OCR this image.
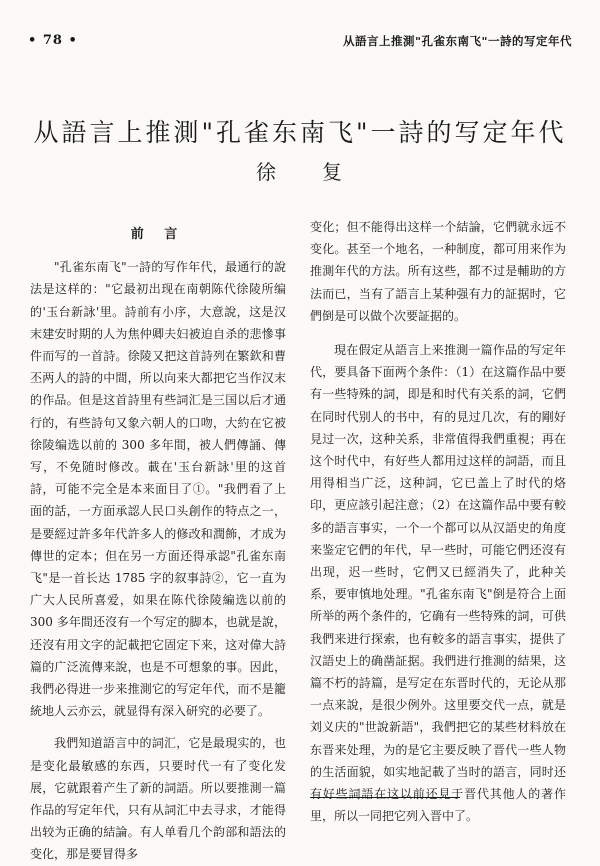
• 78 •	从語言上推測"孔雀东南飞"一詩的写定年代
从語言上推測"孔雀东南飞"一詩的写定年代
徐 复
前 言

"孔雀东南飞"一詩的写作年代，最通行的說法是这样的："它最初出现在南朝陈代徐陵所编的'玉台新詠'里。詩前有小序，大意說，这是汉末建安时期的人为焦仲卿夫妇被迫自杀的悲慘事件而写的一首詩。徐陵又把这首詩列在繁欽和曹丕两人的詩的中間，所以向来大都把它当作汉末的作品。但是这首詩里有些詞汇是三国以后才通行的，有些詩句又象六朝人的口吻，大約在它被徐陵编选以前的 300 多年間，被人們傳誦、傳写，不免随时修改。載在'玉台新詠'里的这首詩，可能不完全是本来面目了①。"我們看了上面的話，一方面承認人民口头創作的特点之一，是要經过許多年代許多人的修改和潤飾，才成为傳世的定本；但在另一方面还得承認"孔雀东南飞"是一首长达 1785 字的叙事詩②，它一直为广大人民所喜爱，如果在陈代徐陵編选以前的 300 多年間还沒有一个写定的脚本，也就是說，还沒有用文字的記載把它固定下来，这对偉大詩篇的广泛流傳来說，也是不可想象的事。因此，我們必得进一步来推測它的写定年代，而不是籠統地人云亦云，就显得有深入研究的必要了。

我們知道語言中的詞汇，它是最現实的，也是变化最敏感的东西，只要时代一有了变化发展，它就跟着产生了新的詞語。所以要推測一篇作品的写定年代，只有从詞汇中去寻求，才能得出较为正确的結論。有人单看几个韵部和語法的变化，那是要冒得多

变化；但不能得出这样一个結論，它們就永远不变化。甚至一个地名，一种制度，都可用来作为推測年代的方法。所有这些，都不过是輔助的方法而已，当有了語言上某种强有力的証据时，它們倒是可以做个次要証据的。

現在假定从語言上来推測一篇作品的写定年代，要具备下面两个条件：（1）在这篇作品中要有一些特殊的詞，即是和时代有关系的詞，它們在同时代别人的书中，有的見过几次，有的剛好見过一次，这种关系，非常值得我們重視；再在这个时代中，有好些人都用过这样的詞語，而且用得相当广泛，这种詞，它已盖上了时代的烙印，更应該引起注意；（2）在这篇作品中要有較多的語言事实，一个一个都可以从汉語史的角度来鉴定它們的年代，早一些时，可能它們还沒有出现，迟一些时，它們又已經消失了，此种关系，要审慎地处理。"孔雀东南飞"倒是符合上面所举的两个条件的，它确有一些特殊的詞，可供我們来进行探索，也有較多的語言事实，提供了汉語史上的确凿証据。我們进行推測的結果，这篇不朽的詩篇，是写定在东晋时代的，无论从那一点来說，是很少例外。这里要交代一点，就是刘义庆的"世說新語"，我們把它的某些材料放在东晋来处理，为的是它主要反映了晋代一些人物的生活面貌，如实地記載了当时的語言，同时还有好些詞語在这以前还見于晋代其他人的著作里，所以一同把它列入晋中了。
